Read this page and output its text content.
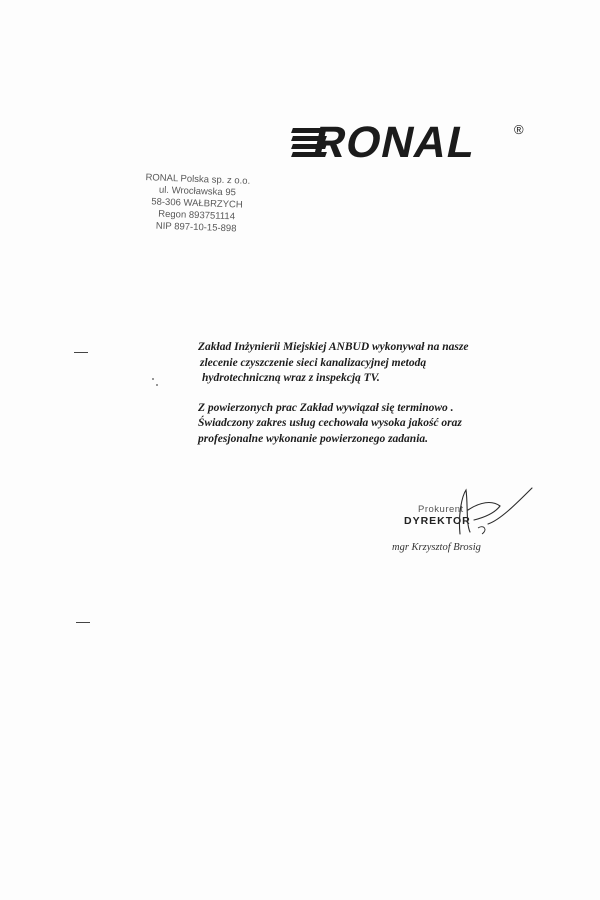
RONAL	®
RONAL Polska sp. z o.o.
ul. Wrocławska 95
58-306 WAŁBRZYCH
Regon 893751114
NIP 897-10-15-898
Zakład Inżynierii Miejskiej ANBUD wykonywał na nasze
zlecenie czyszczenie sieci kanalizacyjnej metodą
hydrotechniczną wraz z inspekcją TV.
Z powierzonych prac Zakład wywiązał się terminowo .
Świadczony zakres usług cechowała wysoka jakość oraz
profesjonalne wykonanie powierzonego zadania.
Prokurent
DYREKTOR
mgr Krzysztof Brosig
